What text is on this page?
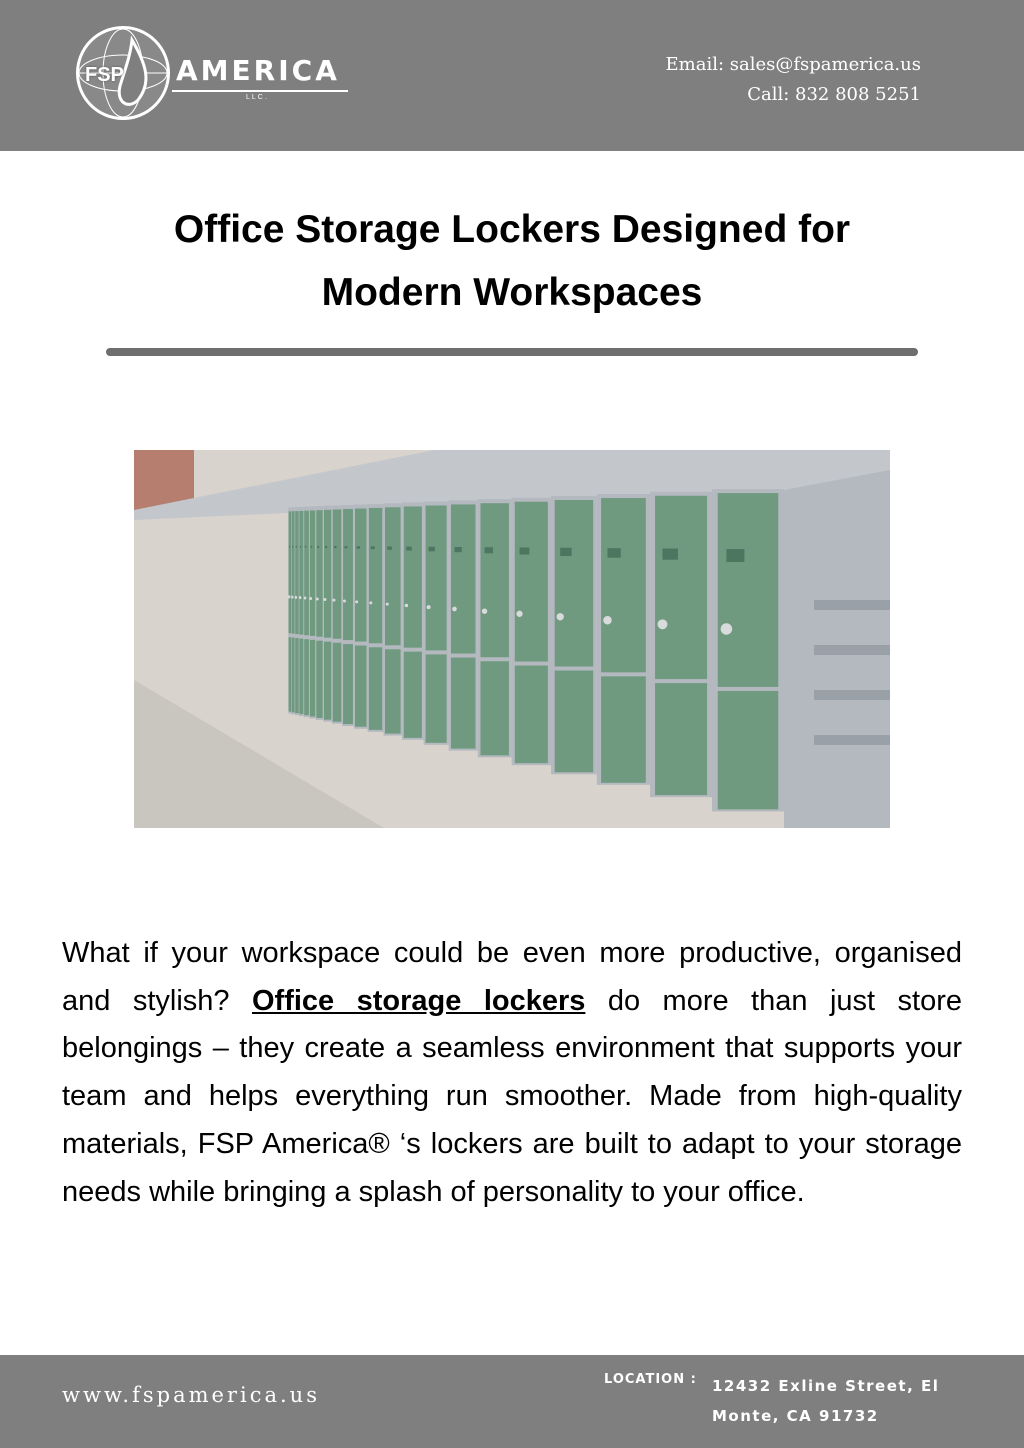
FSP AMERICA
LLC.
Email: sales@fspamerica.us
Call: 832 808 5251
Office Storage Lockers Designed for
Modern Workspaces

What if your workspace could be even more productive, organised and stylish? Office storage lockers do more than just store belongings – they create a seamless environment that supports your team and helps everything run smoother. Made from high-quality materials, FSP America® ‘s lockers are built to adapt to your storage needs while bringing a splash of personality to your office.

www.fspamerica.us
LOCATION : 12432 Exline Street, El Monte, CA 91732
